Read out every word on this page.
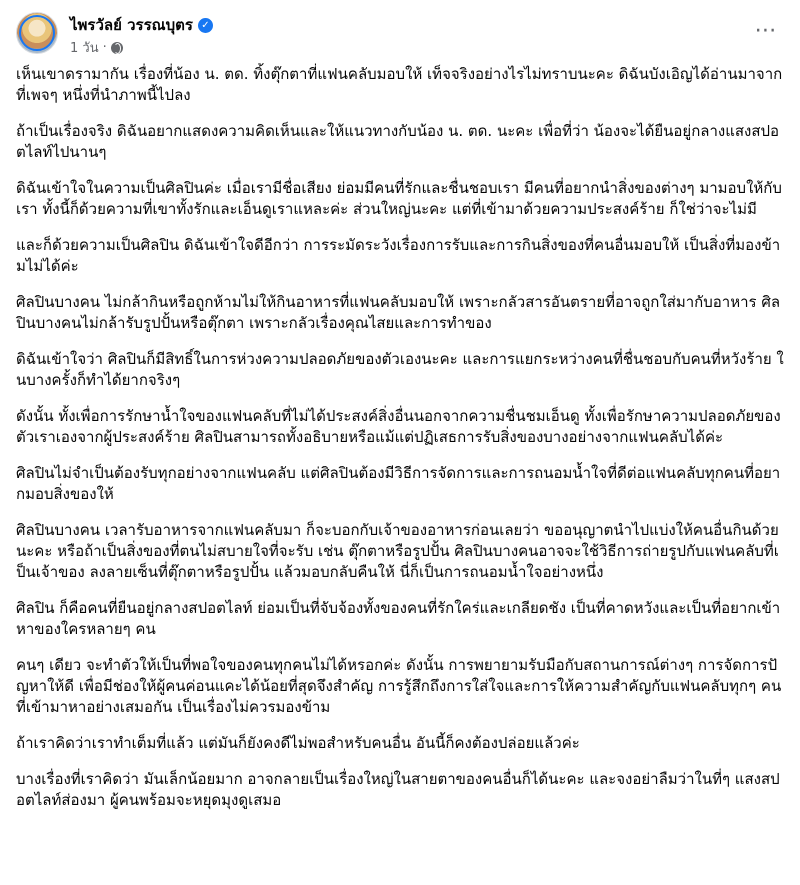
ไพรวัลย์ วรรณบุตร ✓
1 วัน ·
⋯

เห็นเขาดรามากัน เรื่องที่น้อง น. ตด. ทิ้งตุ๊กตาที่แฟนคลับมอบให้ เท็จจริงอย่างไรไม่ทราบนะคะ ดิฉันบังเอิญได้อ่านมาจากที่เพจๆ หนึ่งที่นำภาพนี้ไปลง

ถ้าเป็นเรื่องจริง ดิฉันอยากแสดงความคิดเห็นและให้แนวทางกับน้อง น. ตด. นะคะ เพื่อที่ว่า น้องจะได้ยืนอยู่กลางแสงสปอตไลท์ไปนานๆ

ดิฉันเข้าใจในความเป็นศิลปินค่ะ เมื่อเรามีชื่อเสียง ย่อมมีคนที่รักและชื่นชอบเรา มีคนที่อยากนำสิ่งของต่างๆ มามอบให้กับเรา ทั้งนี้ก็ด้วยความที่เขาทั้งรักและเอ็นดูเราแหละค่ะ ส่วนใหญ่นะคะ แต่ที่เข้ามาด้วยความประสงค์ร้าย ก็ใช่ว่าจะไม่มี

และก็ด้วยความเป็นศิลปิน ดิฉันเข้าใจดีอีกว่า การระมัดระวังเรื่องการรับและการกินสิ่งของที่คนอื่นมอบให้ เป็นสิ่งที่มองข้ามไม่ได้ค่ะ

ศิลปินบางคน ไม่กล้ากินหรือถูกห้ามไม่ให้กินอาหารที่แฟนคลับมอบให้ เพราะกลัวสารอันตรายที่อาจถูกใส่มากับอาหาร ศิลปินบางคนไม่กล้ารับรูปปั้นหรือตุ๊กตา เพราะกลัวเรื่องคุณไสยและการทำของ

ดิฉันเข้าใจว่า ศิลปินก็มีสิทธิ์ในการห่วงความปลอดภัยของตัวเองนะคะ และการแยกระหว่างคนที่ชื่นชอบกับคนที่หวังร้าย ในบางครั้งก็ทำได้ยากจริงๆ

ดังนั้น ทั้งเพื่อการรักษาน้ำใจของแฟนคลับที่ไม่ได้ประสงค์สิ่งอื่นนอกจากความชื่นชมเอ็นดู ทั้งเพื่อรักษาความปลอดภัยของตัวเราเองจากผู้ประสงค์ร้าย ศิลปินสามารถทั้งอธิบายหรือแม้แต่ปฏิเสธการรับสิ่งของบางอย่างจากแฟนคลับได้ค่ะ

ศิลปินไม่จำเป็นต้องรับทุกอย่างจากแฟนคลับ แต่ศิลปินต้องมีวิธีการจัดการและการถนอมน้ำใจที่ดีต่อแฟนคลับทุกคนที่อยากมอบสิ่งของให้

ศิลปินบางคน เวลารับอาหารจากแฟนคลับมา ก็จะบอกกับเจ้าของอาหารก่อนเลยว่า ขออนุญาตนำไปแบ่งให้คนอื่นกินด้วยนะคะ หรือถ้าเป็นสิ่งของที่ตนไม่สบายใจที่จะรับ เช่น ตุ๊กตาหรือรูปปั้น ศิลปินบางคนอาจจะใช้วิธีการถ่ายรูปกับแฟนคลับที่เป็นเจ้าของ ลงลายเซ็นที่ตุ๊กตาหรือรูปปั้น แล้วมอบกลับคืนให้ นี่ก็เป็นการถนอมน้ำใจอย่างหนึ่ง

ศิลปิน ก็คือคนที่ยืนอยู่กลางสปอตไลท์ ย่อมเป็นที่จับจ้องทั้งของคนที่รักใคร่และเกลียดชัง เป็นที่คาดหวังและเป็นที่อยากเข้าหาของใครหลายๆ คน

คนๆ เดียว จะทำตัวให้เป็นที่พอใจของคนทุกคนไม่ได้หรอกค่ะ ดังนั้น การพยายามรับมือกับสถานการณ์ต่างๆ การจัดการปัญหาให้ดี เพื่อมีช่องให้ผู้คนค่อนแคะได้น้อยที่สุดจึงสำคัญ การรู้สึกถึงการใส่ใจและการให้ความสำคัญกับแฟนคลับทุกๆ คนที่เข้ามาหาอย่างเสมอกัน เป็นเรื่องไม่ควรมองข้าม

ถ้าเราคิดว่าเราทำเต็มที่แล้ว แต่มันก็ยังคงดีไม่พอสำหรับคนอื่น อันนี้ก็คงต้องปล่อยแล้วค่ะ

บางเรื่องที่เราคิดว่า มันเล็กน้อยมาก อาจกลายเป็นเรื่องใหญ่ในสายตาของคนอื่นก็ได้นะคะ และจงอย่าลืมว่าในที่ๆ แสงสปอตไลท์ส่องมา ผู้คนพร้อมจะหยุดมุงดูเสมอ
